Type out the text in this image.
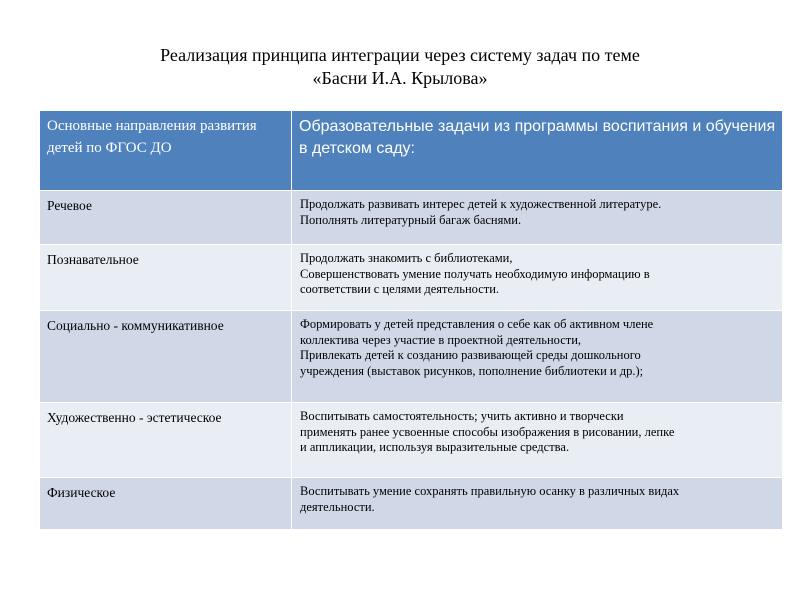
Реализация принципа интеграции через систему задач по теме
«Басни И.А. Крылова»
Основные направления развития детей по ФГОС ДО	Образовательные задачи из программы воспитания и обучения в детском саду:

Речевое	Продолжать развивать интерес детей к художественной литературе.
Пополнять литературный багаж баснями.

Познавательное	Продолжать знакомить с библиотеками,
Совершенствовать умение получать необходимую информацию в
соответствии с целями деятельности.

Социально - коммуникативное	Формировать у детей представления о себе как об активном члене
коллектива через участие в проектной деятельности,
Привлекать детей к созданию развивающей среды дошкольного
учреждения (выставок рисунков, пополнение библиотеки и др.);

Художественно - эстетическое	Воспитывать самостоятельность; учить активно и творчески
применять ранее усвоенные способы изображения в рисовании, лепке
и аппликации, используя выразительные средства.

Физическое	Воспитывать умение сохранять правильную осанку в различных видах
деятельности.
